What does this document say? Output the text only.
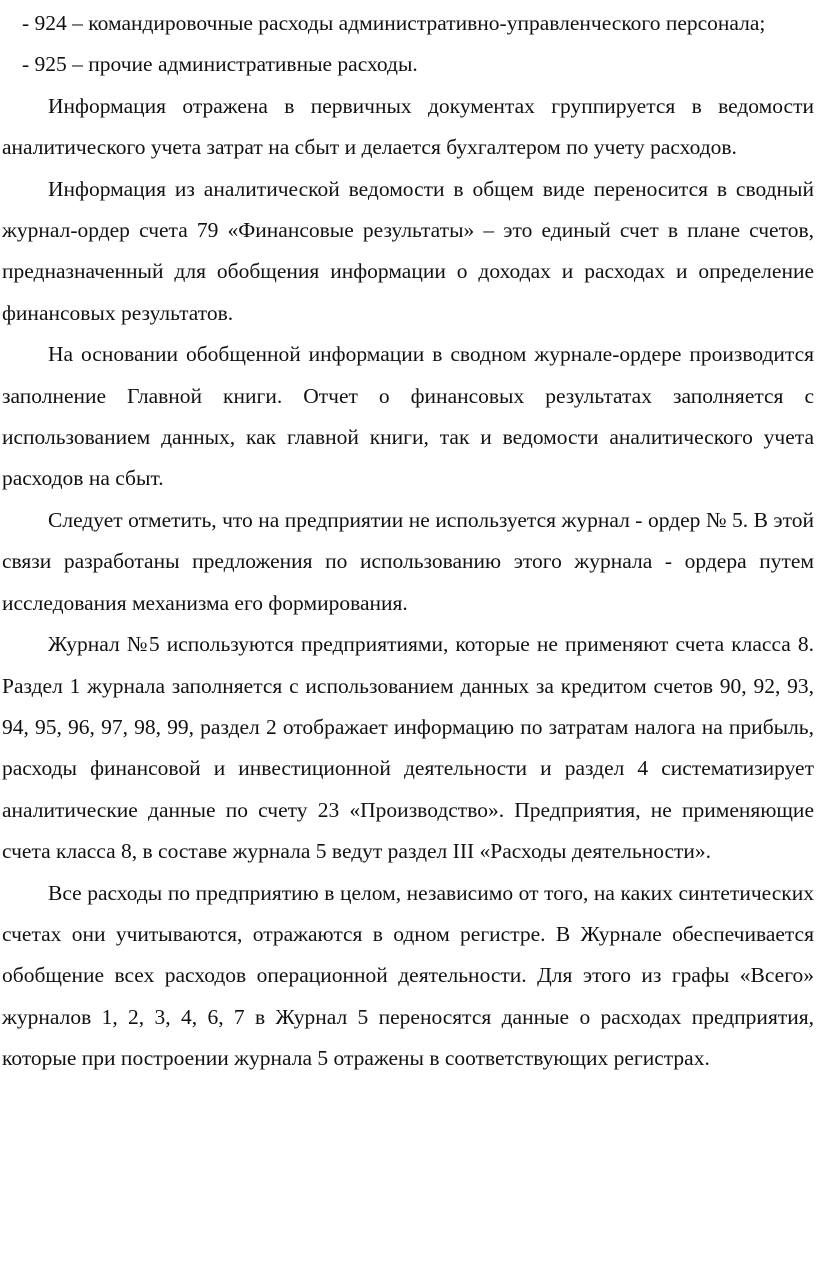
- 924 – командировочные расходы административно-управленческого персонала;

- 925 – прочие административные расходы.

Информация отражена в первичных документах группируется в ведомости аналитического учета затрат на сбыт и делается бухгалтером по учету расходов.

Информация из аналитической ведомости в общем виде переносится в сводный журнал-ордер счета 79 «Финансовые результаты» – это единый счет в плане счетов, предназначенный для обобщения информации о доходах и расходах и определение финансовых результатов.

На основании обобщенной информации в сводном журнале-ордере производится заполнение Главной книги. Отчет о финансовых результатах заполняется с использованием данных, как главной книги, так и ведомости аналитического учета расходов на сбыт.

Следует отметить, что на предприятии не используется журнал - ордер № 5. В этой связи разработаны предложения по использованию этого журнала - ордера путем исследования механизма его формирования.

Журнал №5 используются предприятиями, которые не применяют счета класса 8. Раздел 1 журнала заполняется с использованием данных за кредитом счетов 90, 92, 93, 94, 95, 96, 97, 98, 99, раздел 2 отображает информацию по затратам налога на прибыль, расходы финансовой и инвестиционной деятельности и раздел 4 систематизирует аналитические данные по счету 23 «Производство». Предприятия, не применяющие счета класса 8, в составе журнала 5 ведут раздел III «Расходы деятельности».

Все расходы по предприятию в целом, независимо от того, на каких синтетических счетах они учитываются, отражаются в одном регистре. В Журнале обеспечивается обобщение всех расходов операционной деятельности. Для этого из графы «Всего» журналов 1, 2, 3, 4, 6, 7 в Журнал 5 переносятся данные о расходах предприятия, которые при построении журнала 5 отражены в соответствующих регистрах.
